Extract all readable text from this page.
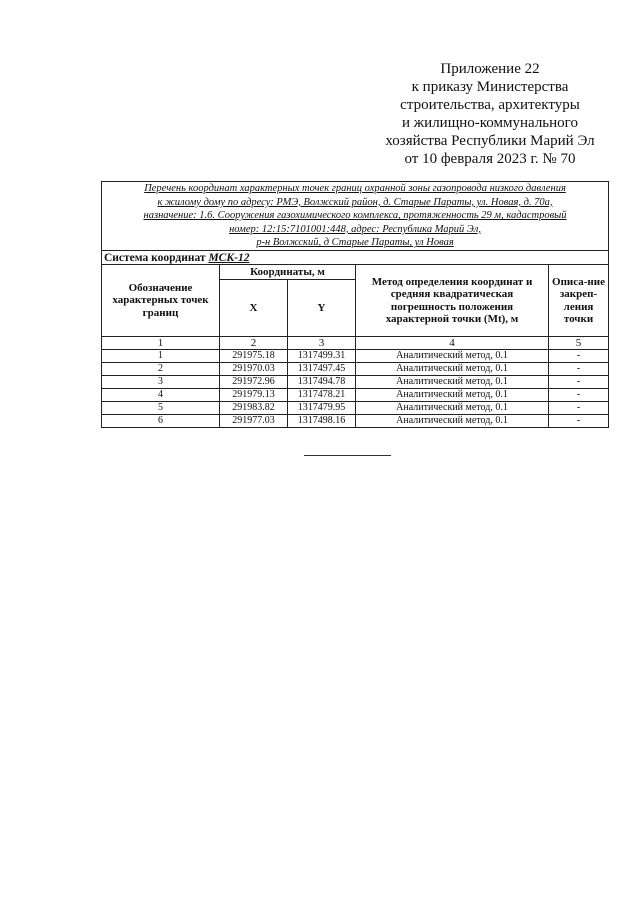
Приложение 22
к приказу Министерства
строительства, архитектуры
и жилищно-коммунального
хозяйства Республики Марий Эл
от 10 февраля 2023 г. № 70
Перечень координат характерных точек границ охранной зоны газопровода низкого давления
к жилому дому по адресу: РМЭ, Волжский район, д. Старые Параты, ул. Новая, д. 70а,
назначение: 1.6. Сооружения газохимического комплекса, протяженность 29 м, кадастровый
номер: 12:15:7101001:448, адрес: Республика Марий Эл,
р-н Волжский, д Старые Параты, ул Новая				

Система координат МСК-12				
Обозначение характерных точек границ	Координаты, м		Метод определения координат и средняя квадратическая погрешность положения характерной точки (Mt), м	Описа-ние закреп-ления точки
	X	Y		
1	2	3	4	5
1	291975.18	1317499.31	Аналитический метод, 0.1	-
2	291970.03	1317497.45	Аналитический метод, 0.1	-
3	291972.96	1317494.78	Аналитический метод, 0.1	-
4	291979.13	1317478.21	Аналитический метод, 0.1	-
5	291983.82	1317479.95	Аналитический метод, 0.1	-
6	291977.03	1317498.16	Аналитический метод, 0.1	-
